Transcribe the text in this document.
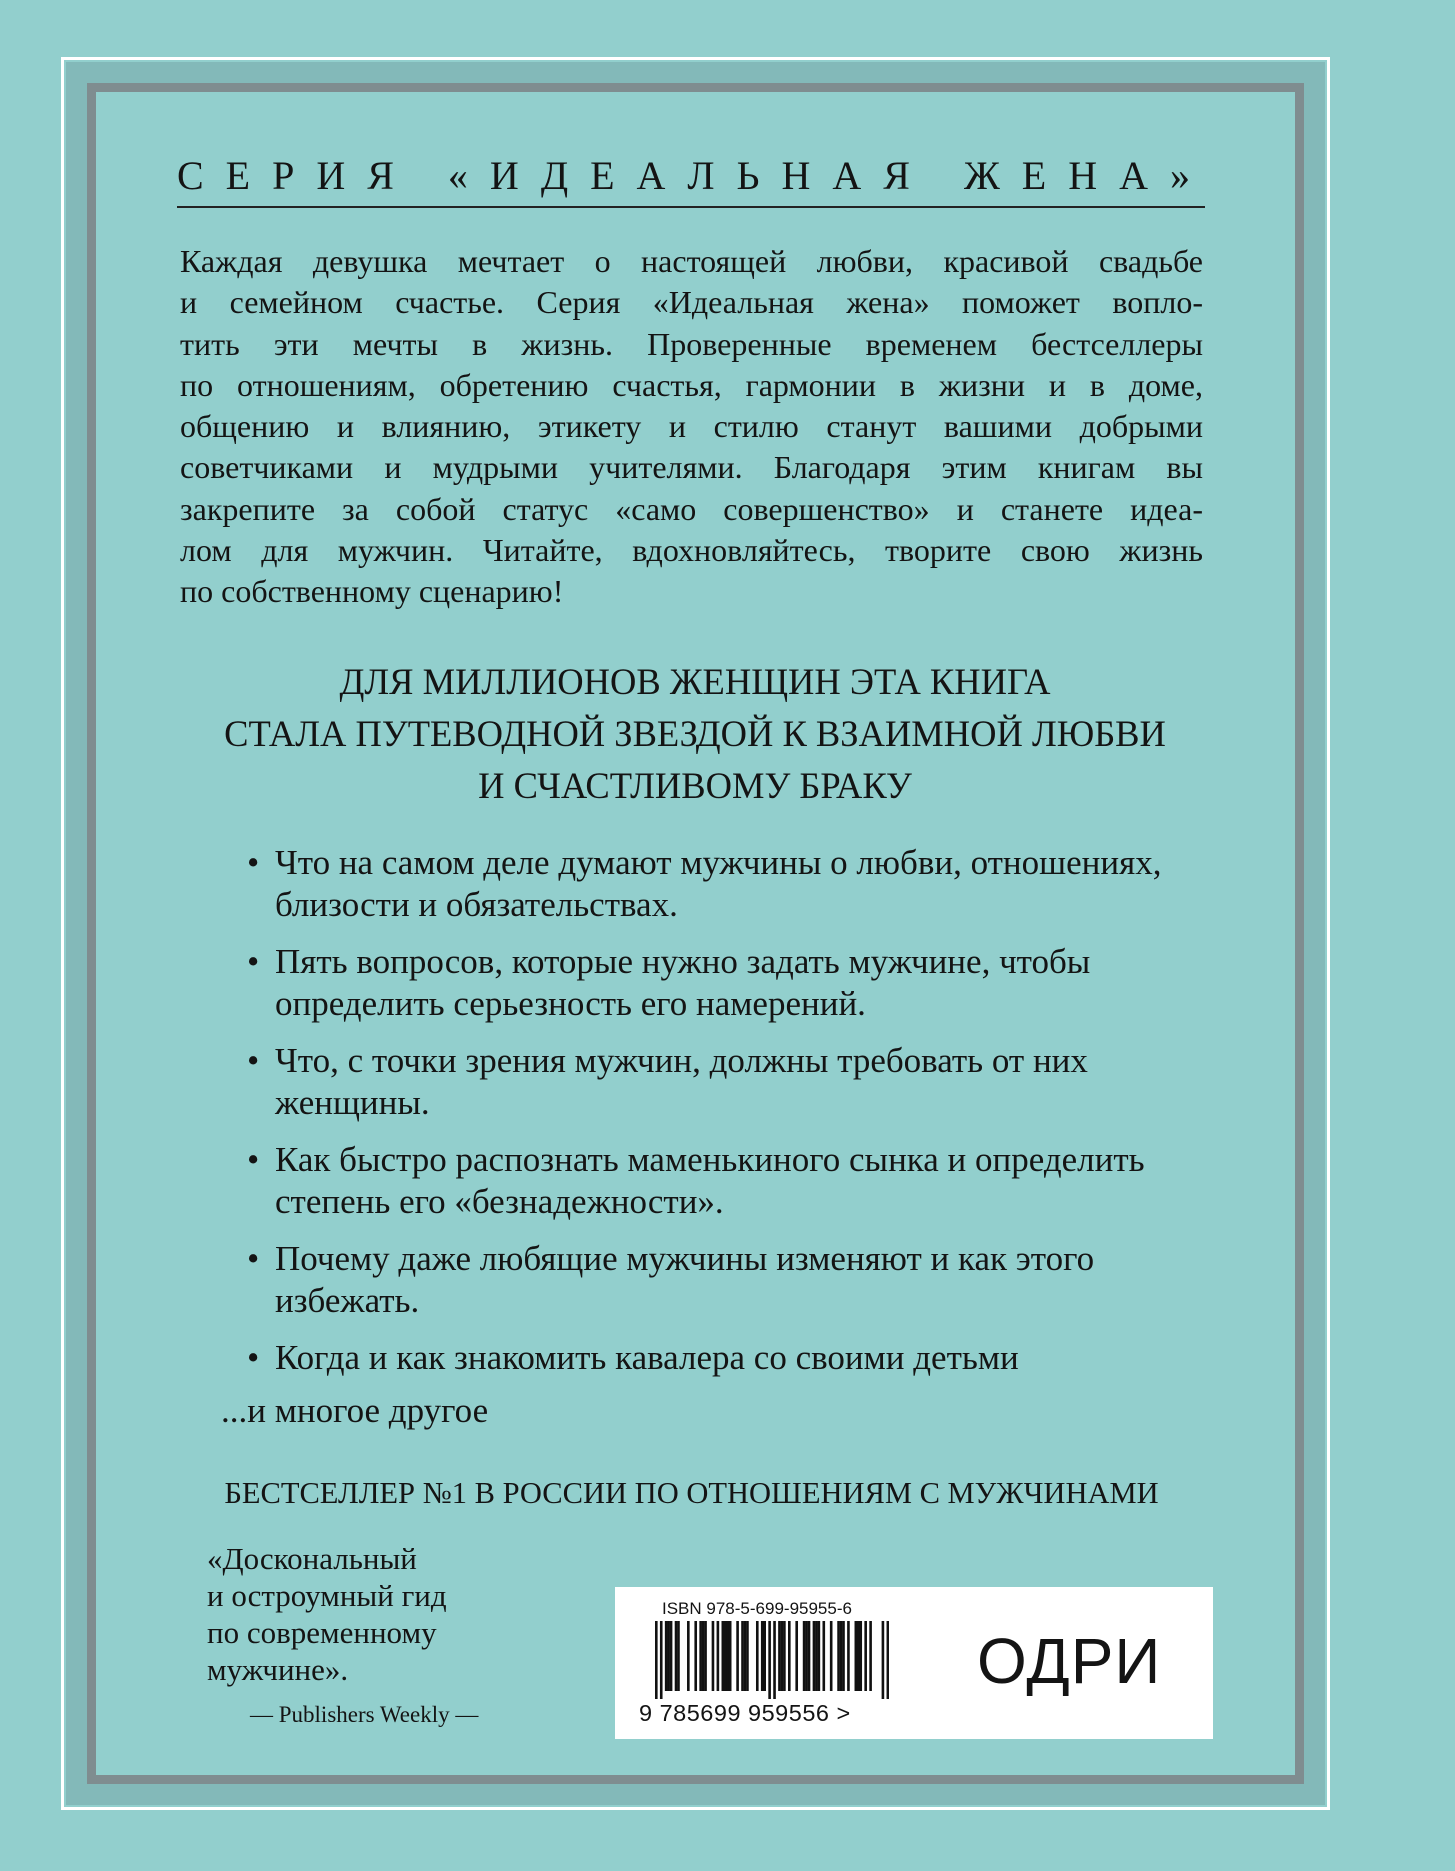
СЕРИЯ «ИДЕАЛЬНАЯ ЖЕНА»
Каждая девушка мечтает о настоящей любви, красивой свадьбе
и семейном счастье. Серия «Идеальная жена» поможет вопло-
тить эти мечты в жизнь. Проверенные временем бестселлеры
по отношениям, обретению счастья, гармонии в жизни и в доме,
общению и влиянию, этикету и стилю станут вашими добрыми
советчиками и мудрыми учителями. Благодаря этим книгам вы
закрепите за собой статус «само совершенство» и станете идеа-
лом для мужчин. Читайте, вдохновляйтесь, творите свою жизнь
по собственному сценарию!
ДЛЯ МИЛЛИОНОВ ЖЕНЩИН ЭТА КНИГА
СТАЛА ПУТЕВОДНОЙ ЗВЕЗДОЙ К ВЗАИМНОЙ ЛЮБВИ
И СЧАСТЛИВОМУ БРАКУ
• Что на самом деле думают мужчины о любви, отношениях, близости и обязательствах.
• Пять вопросов, которые нужно задать мужчине, чтобы определить серьезность его намерений.
• Что, с точки зрения мужчин, должны требовать от них женщины.
• Как быстро распознать маменькиного сынка и определить степень его «безнадежности».
• Почему даже любящие мужчины изменяют и как этого избежать.
• Когда и как знакомить кавалера со своими детьми
...и многое другое
БЕСТСЕЛЛЕР №1 В РОССИИ ПО ОТНОШЕНИЯМ С МУЖЧИНАМИ
«Доскональный
и остроумный гид
по современному
мужчине».
— Publishers Weekly —
ISBN 978-5-699-95955-6
9 785699 959556 >
ОДРИ
